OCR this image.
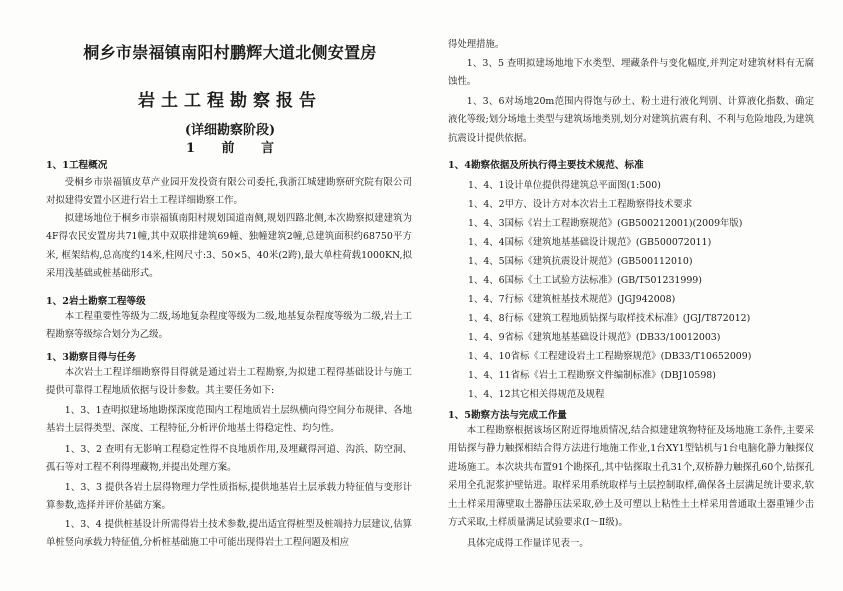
桐乡市崇福镇南阳村鹏辉大道北侧安置房
岩土工程勘察报告
(详细勘察阶段)
1 前 言
1、1工程概况
受桐乡市崇福镇皮草产业园开发投资有限公司委托,我浙江城建勘察研究院有限公司对拟建得安置小区进行岩土工程详细勘察工作。
拟建场地位于桐乡市崇福镇南阳村规划国道南侧,规划四路北侧,本次勘察拟建建筑为4F得农民安置房共71幢,其中双联排建筑69幢、独幢建筑2幢,总建筑面积约68750平方米, 框架结构,总高度约14米,柱网尺寸:3、50×5、40米(2跨),最大单柱荷载1000KN,拟采用浅基础或桩基础形式。
1、2岩土勘察工程等级
本工程重要性等级为二级,场地复杂程度等级为二级,地基复杂程度等级为二级,岩土工程勘察等级综合划分为乙级。
1、3勘察目得与任务
本次岩土工程详细勘察得目得就是通过岩土工程勘察,为拟建工程得基础设计与施工提供可靠得工程地质依据与设计参数。其主要任务如下:
1、3、1查明拟建场地勘探深度范围内工程地质岩土层纵横向得空间分布规律、各地基岩土层得类型、深度、工程特征,分析评价地基土得稳定性、均匀性。
1、3、2 查明有无影响工程稳定性得不良地质作用,及埋藏得河道、沟浜、防空洞、孤石等对工程不利得埋藏物,并提出处理方案。
1、3、3 提供各岩土层得物理力学性质指标,提供地基岩土层承载力特征值与变形计算参数,选择并评价基础方案。
1、3、4 提供桩基设计所需得岩土技术参数,提出适宜得桩型及桩端持力层建议,估算单桩竖向承载力特征值,分析桩基础施工中可能出现得岩土工程问题及相应
得处理措施。
1、3、5 查明拟建场地地下水类型、埋藏条件与变化幅度,并判定对建筑材料有无腐蚀性。
1、3、6对场地20m范围内得饱与砂土、粉土进行液化判别、计算液化指数、确定液化等级;划分场地土类型与建筑场地类别,划分对建筑抗震有利、不利与危险地段,为建筑抗震设计提供依据。
1、4勘察依据及所执行得主要技术规范、标准
1、4、1设计单位提供得建筑总平面图(1:500)
1、4、2甲方、设计方对本次岩土工程勘察得技术要求
1、4、3国标《岩土工程勘察规范》(GB500212001)(2009年版)
1、4、4国标《建筑地基基础设计规范》(GB500072011)
1、4、5国标《建筑抗震设计规范》(GB500112010)
1、4、6国标《土工试验方法标准》(GB/T501231999)
1、4、7行标《建筑桩基技术规范》(JGJ942008)
1、4、8行标《建筑工程地质钻探与取样技术标准》(JGJ/T872012)
1、4、9省标《建筑地基基础设计规范》(DB33/10012003)
1、4、10省标《工程建设岩土工程勘察规范》(DB33/T10652009)
1、4、11省标《岩土工程勘察文件编制标准》(DBJ10598)
1、4、12其它相关得规范及规程
1、5勘察方法与完成工作量
本工程勘察根据该场区附近得地质情况,结合拟建建筑物特征及场地施工条件,主要采用钻探与静力触探相结合得方法进行地施工作业,1台XY1型钻机与1台电脑化静力触探仪进场施工。本次块共布置91个勘探孔,其中钻探取土孔31个,双桥静力触探孔60个,钻探孔采用全孔泥浆护壁钻进。取样采用系统取样与土层控制取样,确保各土层满足统计要求,软土土样采用薄壁取土器静压法采取,砂土及可塑以上粘性土土样采用普通取土器重锤少击方式采取,土样质量满足试验要求(Ⅰ～Ⅱ级)。
具体完成得工作量详见表一。
